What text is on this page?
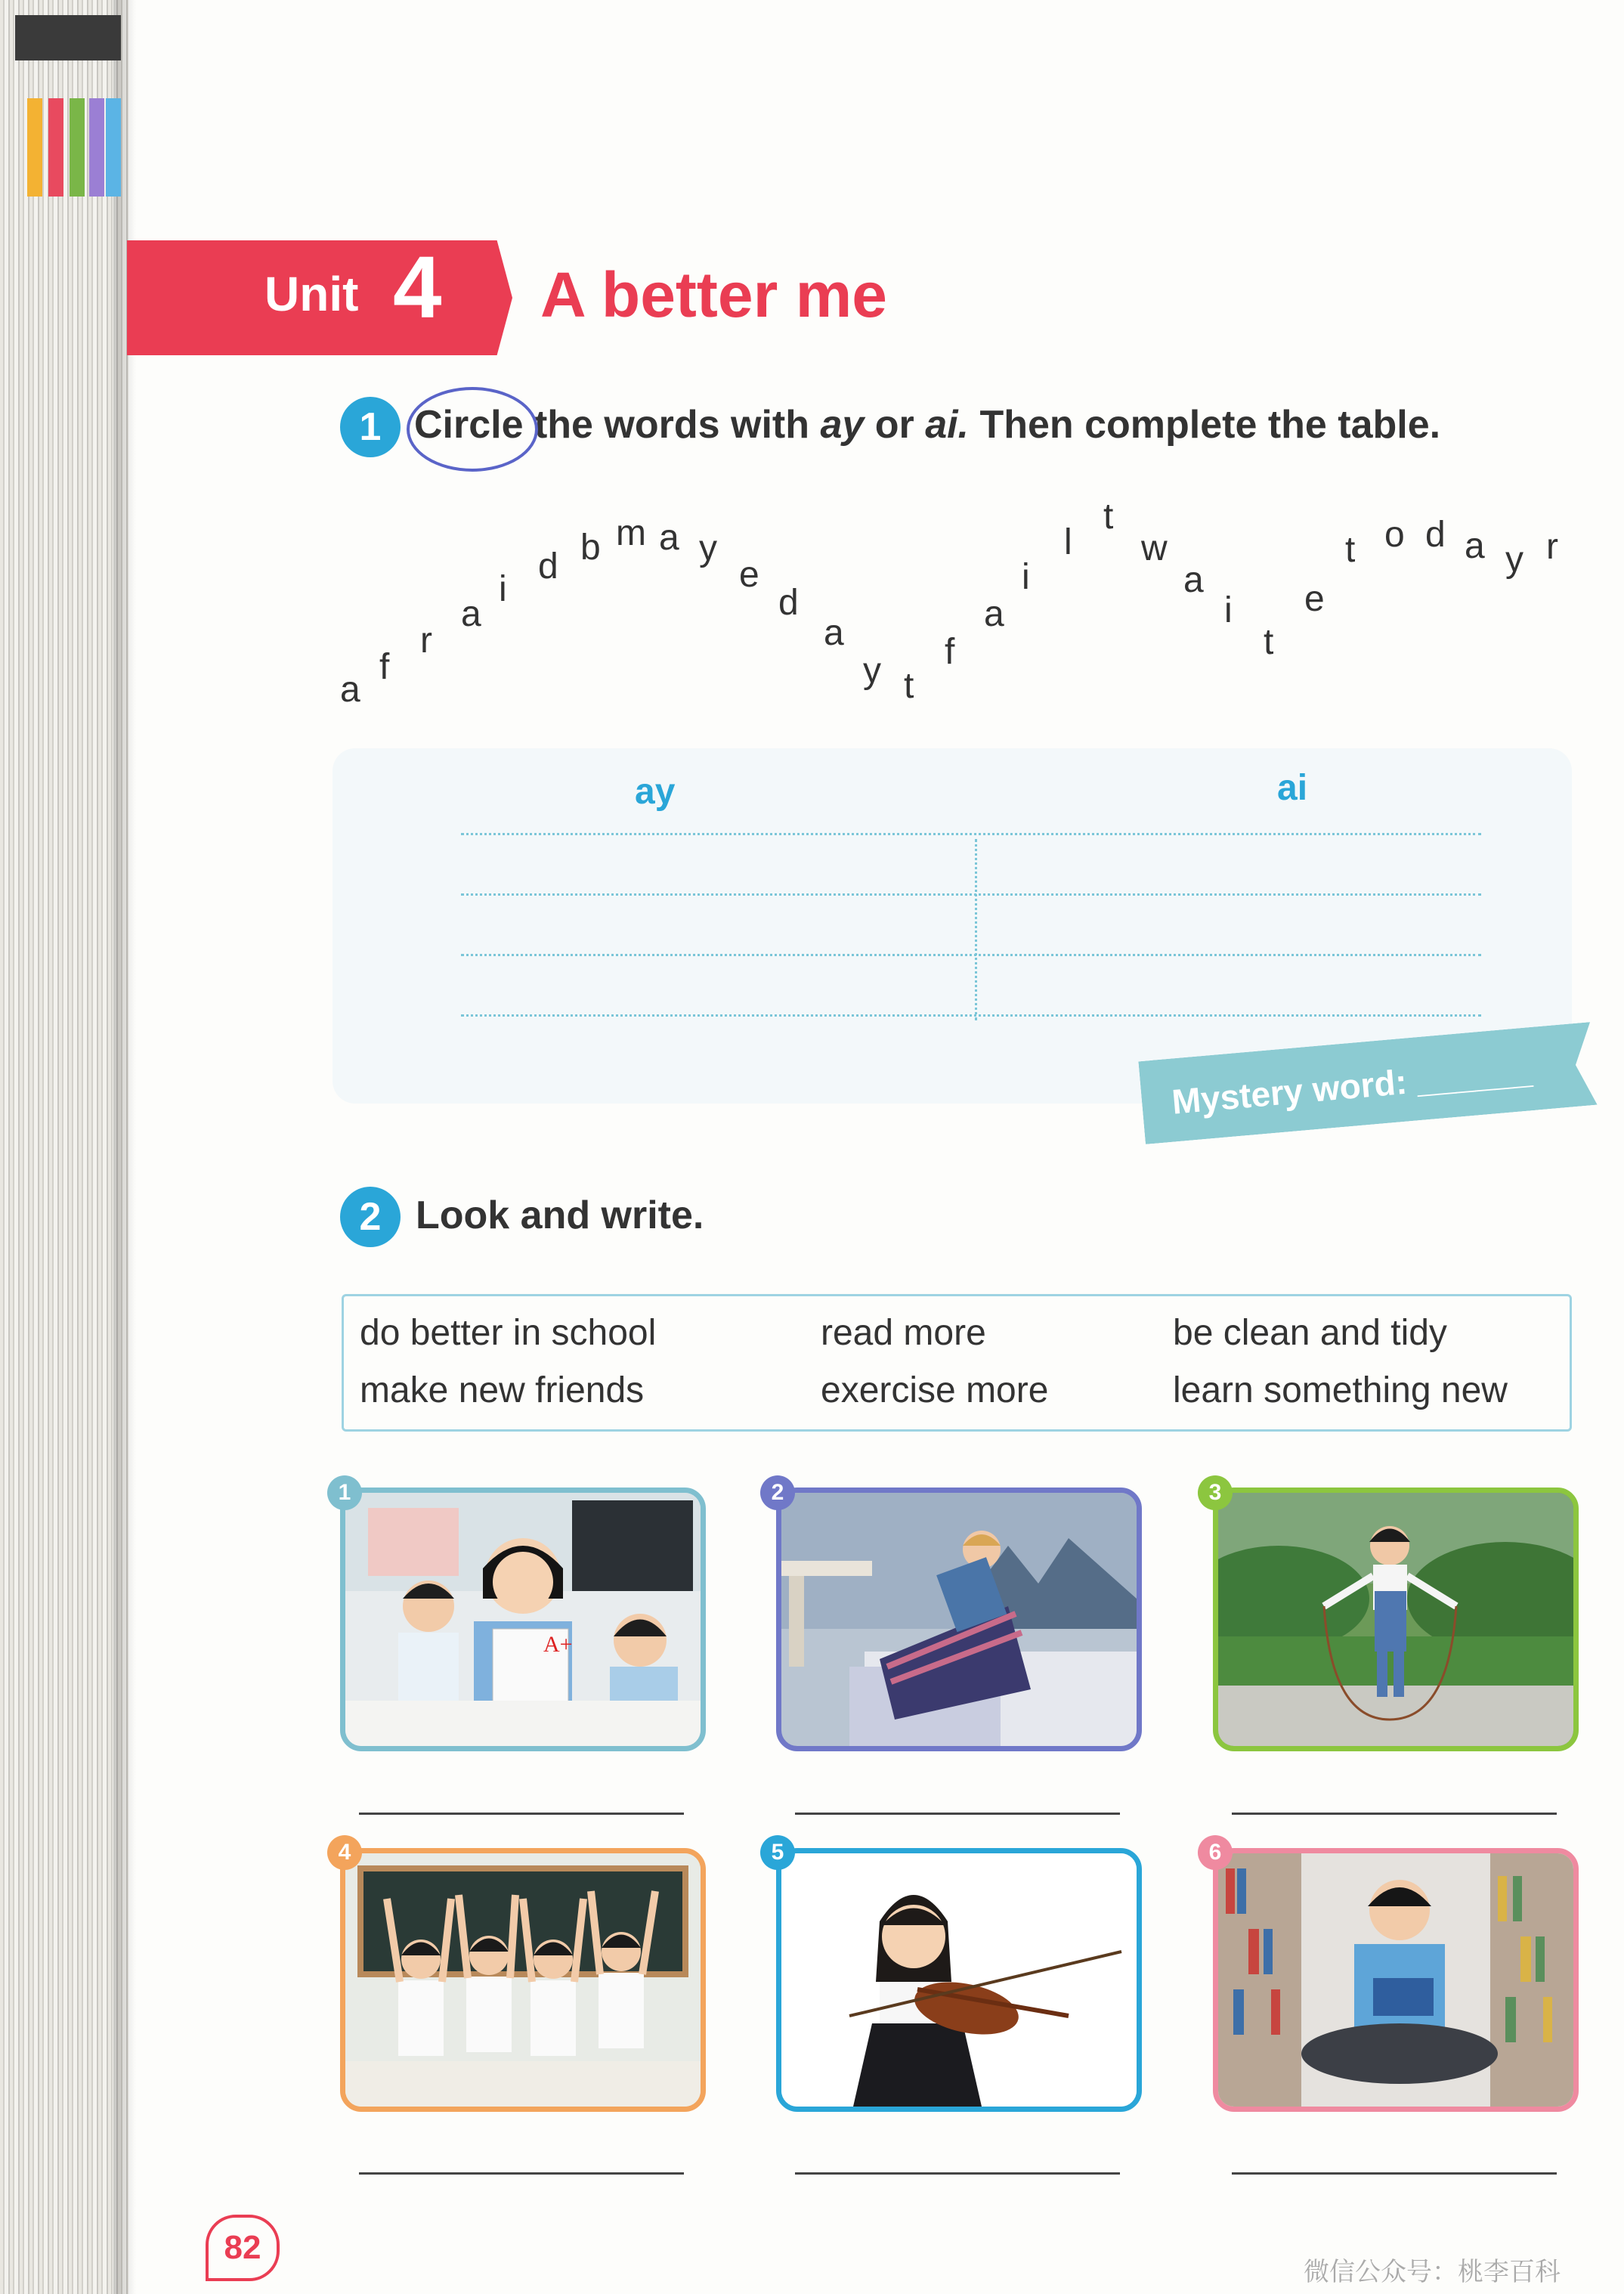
Unit 4 A better me
1 Circle the words with ay or ai. Then complete the table.
a
f
r
a
i
d b m a y
e
d
a
y t
f
a
i
l
t
w
a
i
t
e
t o d a y r
ay	ai
Mystery word: ______
2 Look and write.
do better in school	read more	be clean and tidy
make new friends	exercise more	learn something new
A+
1	2	3
4	5	6
82
微信公众号：桃李百科
